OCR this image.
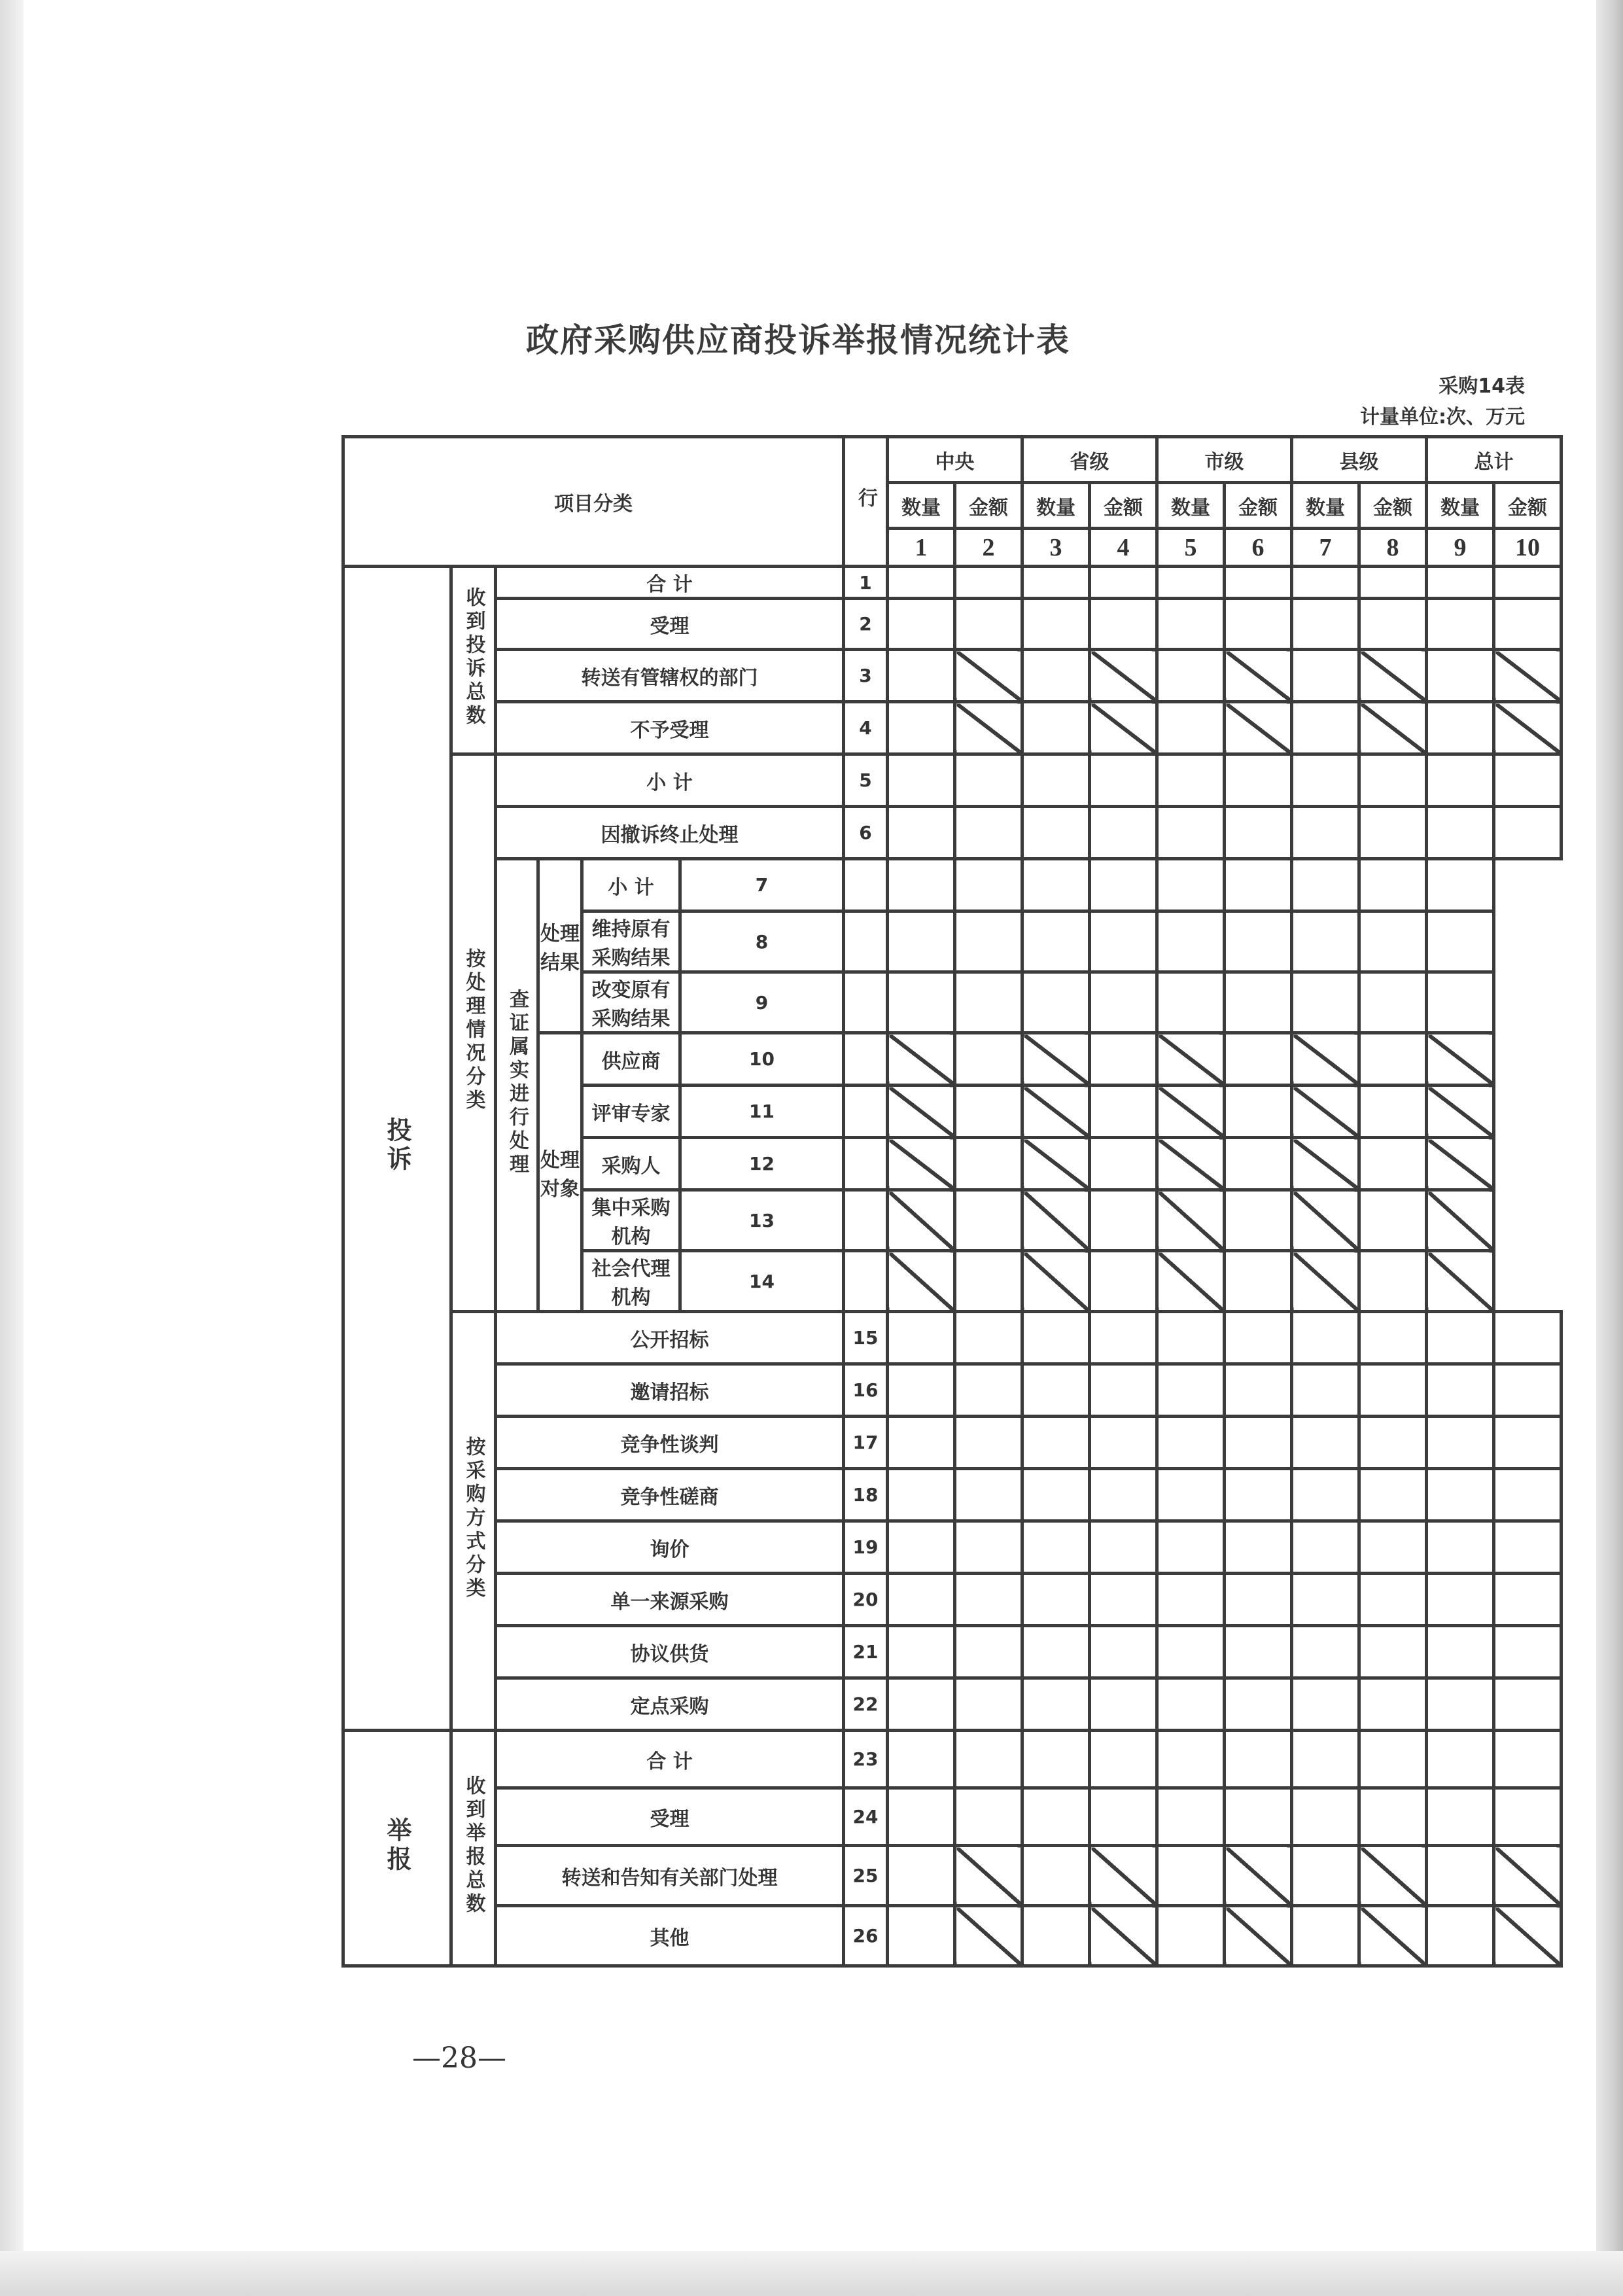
政府采购供应商投诉举报情况统计表
采购14表
计量单位:次、万元
项目分类						行	中央		省级		市级		县级		总计	
							数量	金额	数量	金额	数量	金额	数量	金额	数量	金额
							1	2	3	4	5	6	7	8	9	10
投诉	收到投诉总数	合 计				1										
		受理				2										
		转送有管辖权的部门				3										
		不予受理				4										
	按处理情况分类	小 计				5										
		因撤诉终止处理				6										
		查证属实进行处理	处理结果	小 计	7											
				维持原有采购结果	8											
				改变原有采购结果	9											
			处理对象	供应商	10											
				评审专家	11											
				采购人	12											
				集中采购机构	13											
				社会代理机构	14											
	按采购方式分类	公开招标				15										
		邀请招标				16										
		竞争性谈判				17										
		竞争性磋商				18										
		询价				19										
		单一来源采购				20										
		协议供货				21										
		定点采购				22										
举报	收到举报总数	合 计				23										
		受理				24										
		转送和告知有关部门处理				25										
		其他				26										
—28—
